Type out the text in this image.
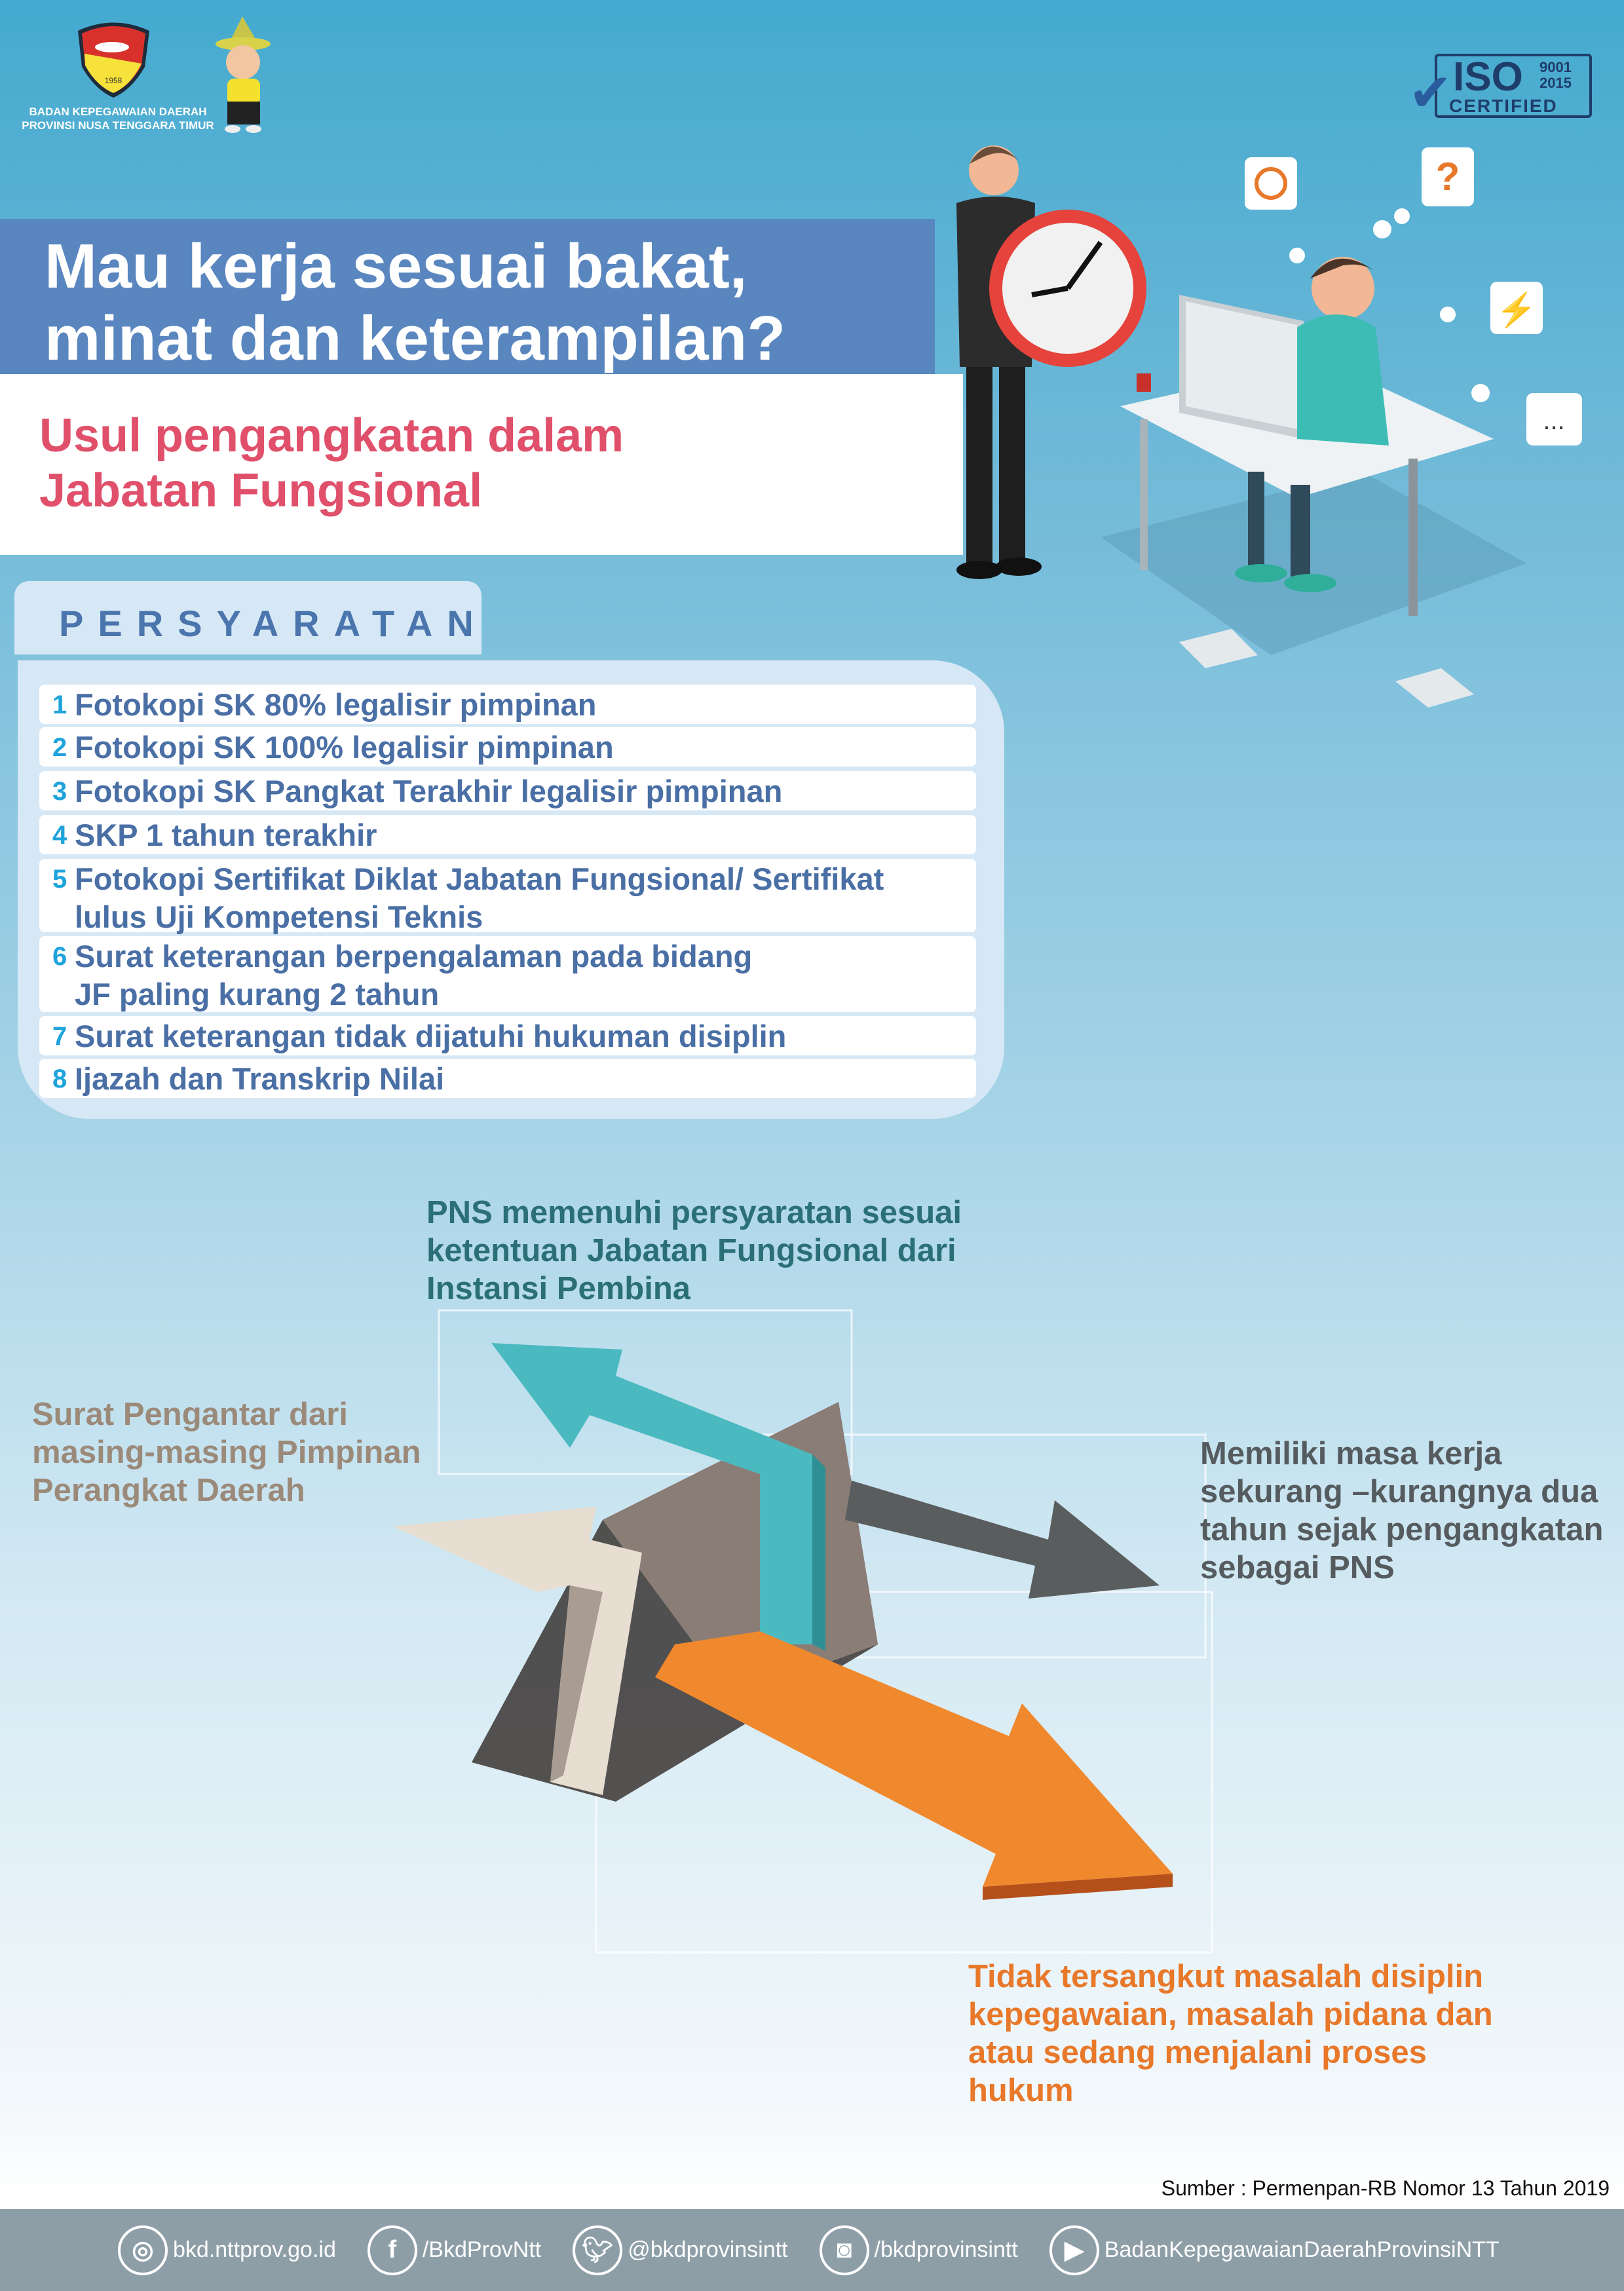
1958
BADAN KEPEGAWAIAN DAERAH
PROVINSI NUSA TENGGARA TIMUR
✔ ISO 9001
2015
CERTIFIED
Mau kerja sesuai bakat,
minat dan keterampilan?
Usul pengangkatan dalam
Jabatan Fungsional
?
⚡
...
PERSYARATAN
1 Fotokopi SK 80% legalisir pimpinan
2 Fotokopi SK 100% legalisir pimpinan
3 Fotokopi SK Pangkat Terakhir legalisir pimpinan
4 SKP 1 tahun terakhir
5 Fotokopi Sertifikat Diklat Jabatan Fungsional/ Sertifikat lulus Uji Kompetensi Teknis
6 Surat keterangan berpengalaman pada bidang JF paling kurang 2 tahun
7 Surat keterangan tidak dijatuhi hukuman disiplin
8 Ijazah dan Transkrip Nilai
PNS memenuhi persyaratan sesuai ketentuan Jabatan Fungsional dari Instansi Pembina
Surat Pengantar dari masing-masing Pimpinan Perangkat Daerah
Memiliki masa kerja sekurang –kurangnya dua tahun sejak pengangkatan sebagai PNS
Tidak tersangkut masalah disiplin kepegawaian, masalah pidana dan atau sedang menjalani proses hukum
Sumber : Permenpan-RB Nomor 13 Tahun 2019
◎ bkd.nttprov.go.id	f	/BkdProvNtt	🐦︎ @bkdprovinsintt	◙	/bkdprovinsintt	▶ BadanKepegawaianDaerahProvinsiNTT
